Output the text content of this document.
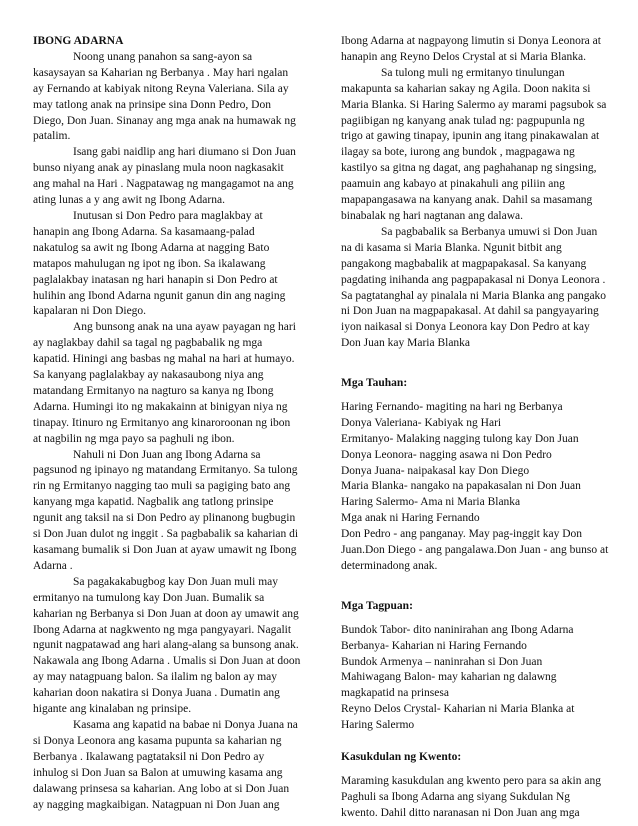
IBONG ADARNA

Noong unang panahon sa sang-ayon sa kasaysayan sa Kaharian ng Berbanya . May hari ngalan ay Fernando at kabiyak nitong Reyna Valeriana. Sila ay may tatlong anak na prinsipe sina Donn Pedro, Don Diego, Don Juan. Sinanay ang mga anak na humawak ng patalim.

Isang gabi naidlip ang hari diumano si Don Juan bunso niyang anak ay pinaslang mula noon nagkasakit ang mahal na Hari . Nagpatawag ng mangagamot na ang ating lunas a y ang awit ng Ibong Adarna.

Inutusan si Don Pedro para maglakbay at hanapin ang Ibong Adarna. Sa kasamaang-palad nakatulog sa awit ng Ibong Adarna at nagging Bato matapos mahulugan ng ipot ng ibon. Sa ikalawang paglalakbay inatasan ng hari hanapin si Don Pedro at hulihin ang Ibond Adarna ngunit ganun din ang naging kapalaran ni Don Diego.

Ang bunsong anak na una ayaw payagan ng hari ay naglakbay dahil sa tagal ng pagbabalik ng mga kapatid. Hiningi ang basbas ng mahal na hari at humayo. Sa kanyang paglalakbay ay nakasaubong niya ang matandang Ermitanyo na nagturo sa kanya ng Ibong Adarna. Humingi ito ng makakainn at binigyan niya ng tinapay. Itinuro ng Ermitanyo ang kinaroroonan ng ibon at nagbilin ng mga payo sa paghuli ng ibon.

Nahuli ni Don Juan ang Ibong Adarna sa pagsunod ng ipinayo ng matandang Ermitanyo. Sa tulong rin ng Ermitanyo nagging tao muli sa pagiging bato ang kanyang mga kapatid. Nagbalik ang tatlong prinsipe ngunit ang taksil na si Don Pedro ay plinanong bugbugin si Don Juan dulot ng inggit . Sa pagbabalik sa kaharian di kasamang bumalik si Don Juan at ayaw umawit ng Ibong Adarna .

Sa pagakakabugbog kay Don Juan muli may ermitanyo na tumulong kay Don Juan. Bumalik sa kaharian ng Berbanya si Don Juan at doon ay umawit ang Ibong Adarna at nagkwento ng mga pangyayari. Nagalit ngunit nagpatawad ang hari alang-alang sa bunsong anak. Nakawala ang Ibong Adarna . Umalis si Don Juan at doon ay may natagpuang balon. Sa ilalim ng balon ay may kaharian doon nakatira si Donya Juana . Dumatin ang higante ang kinalaban ng prinsipe.

Kasama ang kapatid na babae ni Donya Juana na si Donya Leonora ang kasama pupunta sa kaharian ng Berbanya . Ikalawang pagtataksil ni Don Pedro ay inhulog si Don Juan sa Balon at umuwing kasama ang dalawang prinsesa sa kaharian. Ang lobo at si Don Juan ay nagging magkaibigan. Natagpuan ni Don Juan ang

Ibong Adarna at nagpayong limutin si Donya Leonora at hanapin ang Reyno Delos Crystal at si Maria Blanka.

Sa tulong muli ng ermitanyo tinulungan makapunta sa kaharian sakay ng Agila. Doon nakita si Maria Blanka. Si Haring Salermo ay marami pagsubok sa pagiibigan ng kanyang anak tulad ng: pagpupunla ng trigo at gawing tinapay, ipunin ang itang pinakawalan at ilagay sa bote, iurong ang bundok , magpagawa ng kastilyo sa gitna ng dagat, ang paghahanap ng singsing, paamuin ang kabayo at pinakahuli ang piliin ang mapapangasawa na kanyang anak. Dahil sa masamang binabalak ng hari nagtanan ang dalawa.

Sa pagbabalik sa Berbanya umuwi si Don Juan na di kasama si Maria Blanka. Ngunit bitbit ang pangakong magbabalik at magpapakasal. Sa kanyang pagdating inihanda ang pagpapakasal ni Donya Leonora . Sa pagtatanghal ay pinalala ni Maria Blanka ang pangako ni Don Juan na magpapakasal. At dahil sa pangyayaring iyon naikasal si Donya Leonora kay Don Pedro at kay Don Juan kay Maria Blanka

Mga Tauhan:
Haring Fernando- magiting na hari ng Berbanya
Donya Valeriana- Kabiyak ng Hari
Ermitanyo- Malaking nagging tulong kay Don Juan
Donya Leonora- nagging asawa ni Don Pedro
Donya Juana- naipakasal kay Don Diego
Maria Blanka- nangako na papakasalan ni Don Juan
Haring Salermo- Ama ni Maria Blanka
Mga anak ni Haring Fernando
Don Pedro - ang panganay. May pag-inggit kay Don Juan.Don Diego - ang pangalawa.Don Juan - ang bunso at determinadong anak.
Mga Tagpuan:
Bundok Tabor- dito naninirahan ang Ibong Adarna
Berbanya- Kaharian ni Haring Fernando
Bundok Armenya – naninrahan si Don Juan
Mahiwagang Balon- may kaharian ng dalawng magkapatid na prinsesa
Reyno Delos Crystal- Kaharian ni Maria Blanka at Haring Salermo
Kasukdulan ng Kwento:

Maraming kasukdulan ang kwento pero para sa akin ang Paghuli sa Ibong Adarna ang siyang Sukdulan Ng kwento. Dahil ditto naranasan ni Don Juan ang mga
